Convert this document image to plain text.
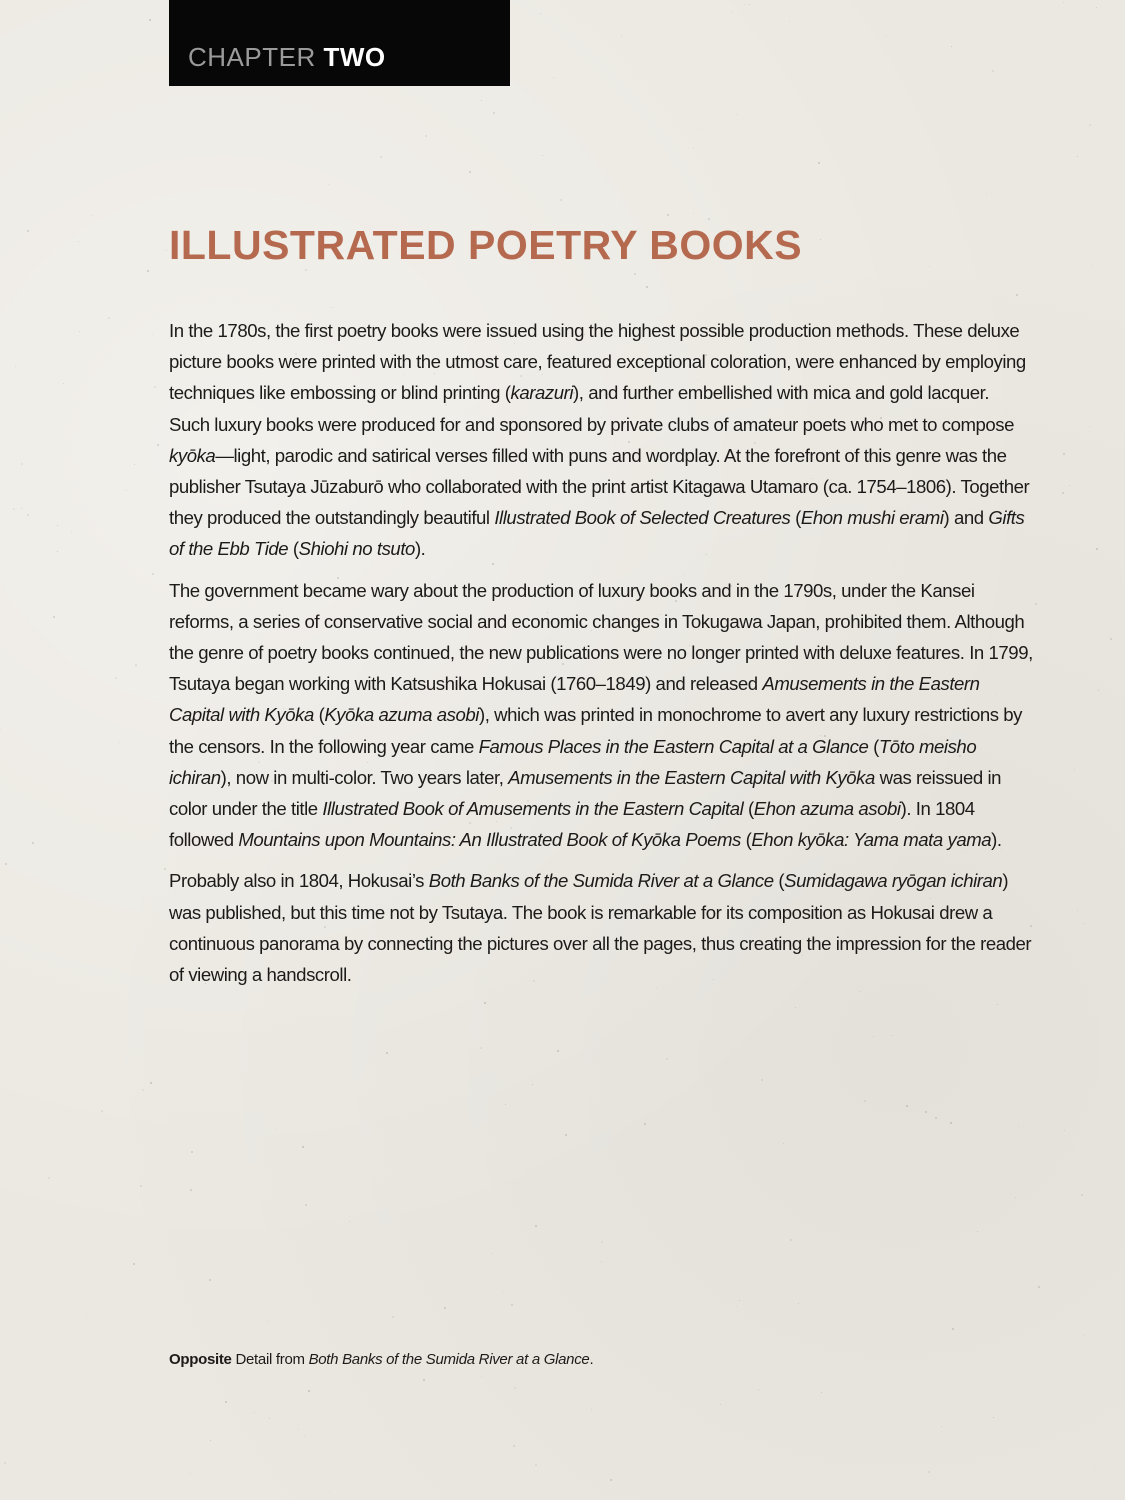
CHAPTER TWO
ILLUSTRATED POETRY BOOKS

In the 1780s, the first poetry books were issued using the highest possible production methods. These deluxe picture books were printed with the utmost care, featured exceptional coloration, were enhanced by employing techniques like embossing or blind printing (karazuri), and further embellished with mica and gold lacquer. Such luxury books were produced for and sponsored by private clubs of amateur poets who met to compose kyōka—light, parodic and satirical verses filled with puns and wordplay. At the forefront of this genre was the publisher Tsutaya Jūzaburō who collaborated with the print artist Kitagawa Utamaro (ca. 1754–1806). Together they produced the outstandingly beautiful Illustrated Book of Selected Creatures (Ehon mushi erami) and Gifts of the Ebb Tide (Shiohi no tsuto).

The government became wary about the production of luxury books and in the 1790s, under the Kansei reforms, a series of conservative social and economic changes in Tokugawa Japan, prohibited them. Although the genre of poetry books continued, the new publications were no longer printed with deluxe features. In 1799, Tsutaya began working with Katsushika Hokusai (1760–1849) and released Amusements in the Eastern Capital with Kyōka (Kyōka azuma asobi), which was printed in monochrome to avert any luxury restrictions by the censors. In the following year came Famous Places in the Eastern Capital at a Glance (Tōto meisho ichiran), now in multi-color. Two years later, Amusements in the Eastern Capital with Kyōka was reissued in color under the title Illustrated Book of Amusements in the Eastern Capital (Ehon azuma asobi). In 1804 followed Mountains upon Mountains: An Illustrated Book of Kyōka Poems (Ehon kyōka: Yama mata yama).

Probably also in 1804, Hokusai’s Both Banks of the Sumida River at a Glance (Sumidagawa ryōgan ichiran) was published, but this time not by Tsutaya. The book is remarkable for its composition as Hokusai drew a continuous panorama by connecting the pictures over all the pages, thus creating the impression for the reader of viewing a handscroll.

Opposite Detail from Both Banks of the Sumida River at a Glance.
